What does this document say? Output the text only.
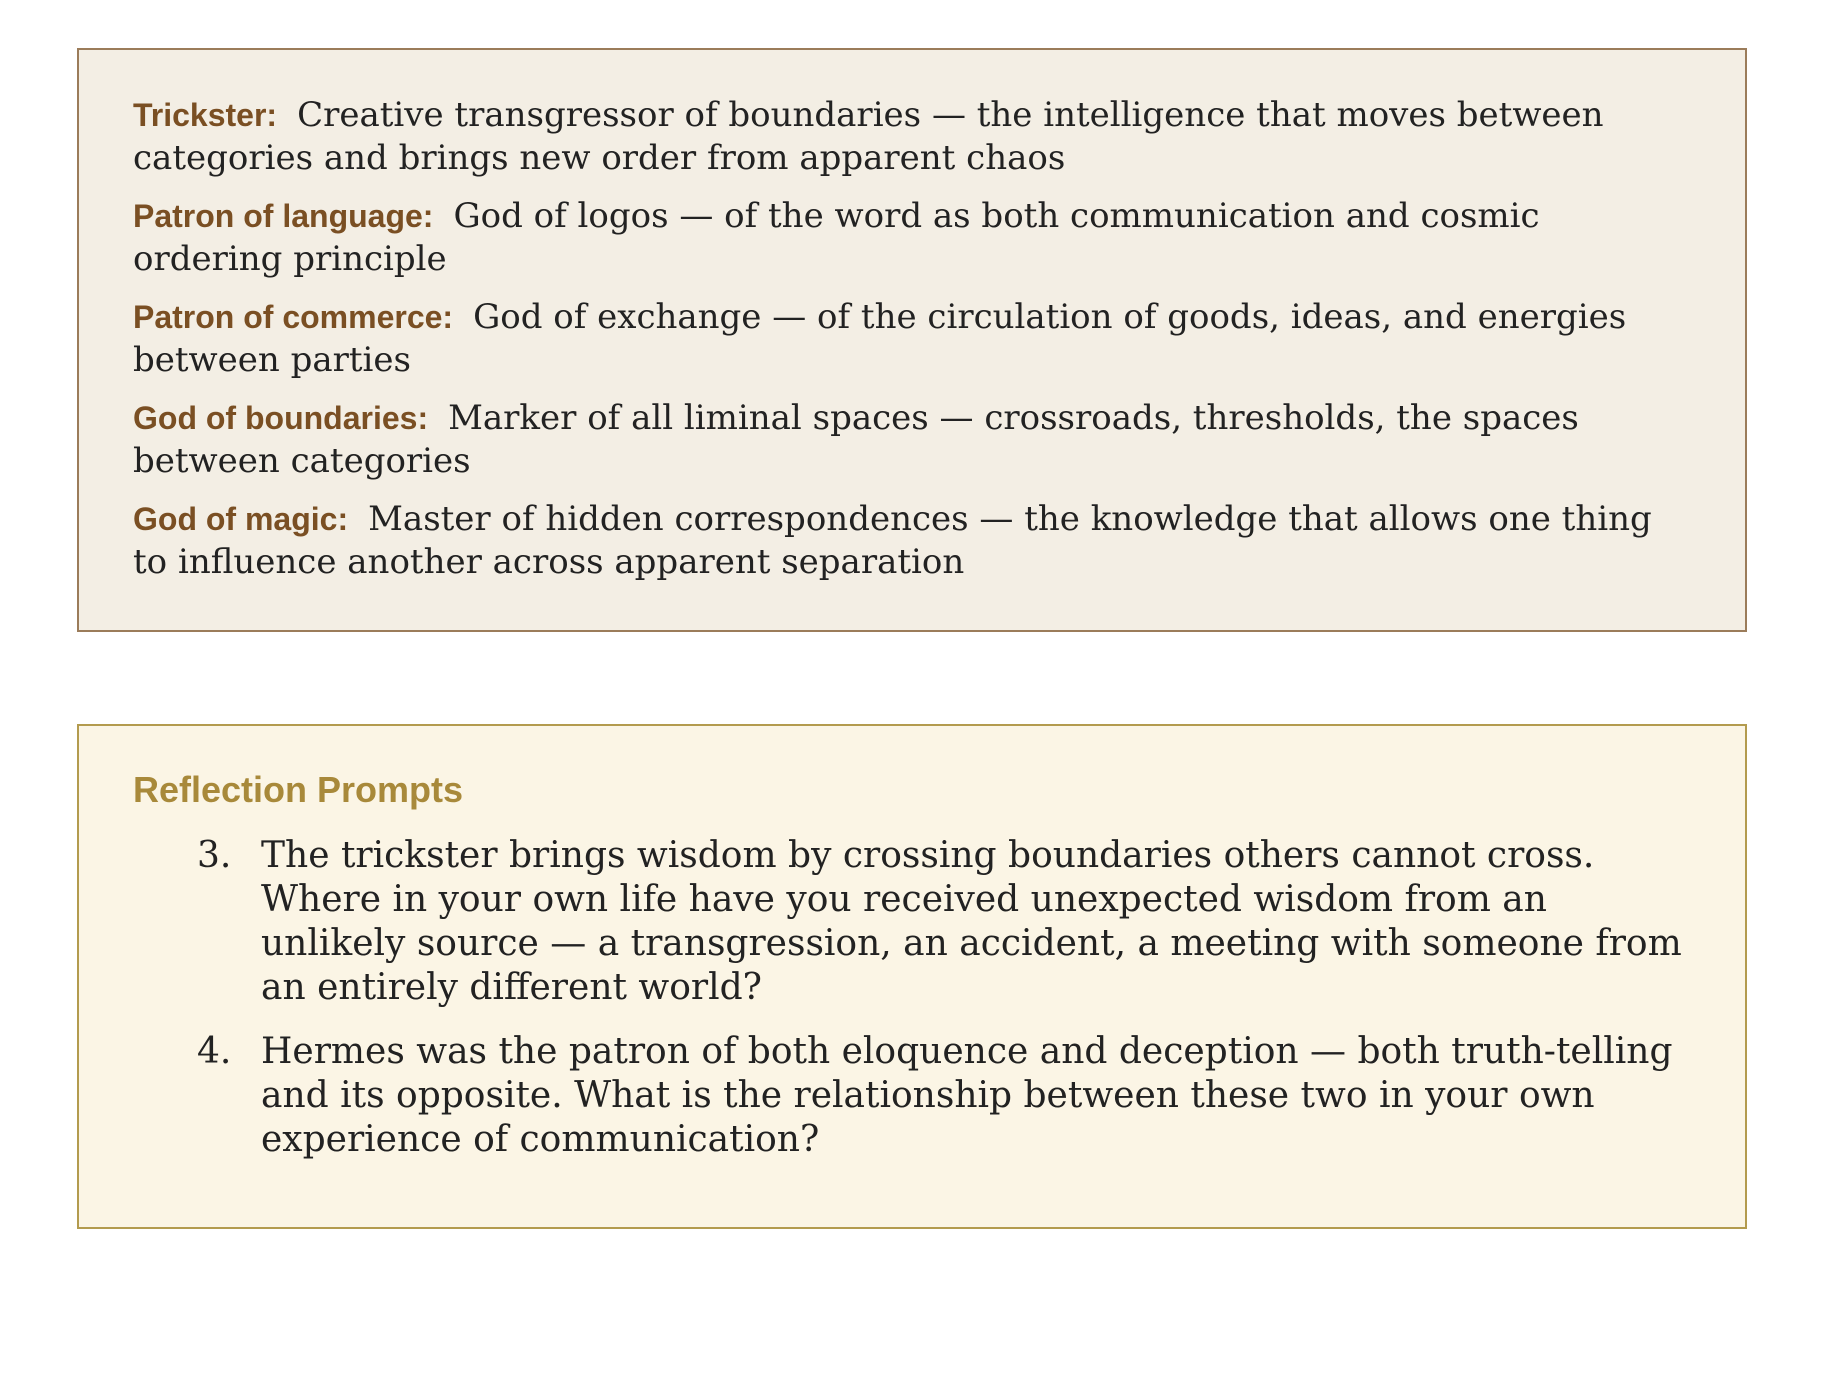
Trickster: Creative transgressor of boundaries — the intelligence that moves between categories and brings new order from apparent chaos

Patron of language: God of logos — of the word as both communication and cosmic ordering principle

Patron of commerce: God of exchange — of the circulation of goods, ideas, and energies between parties

God of boundaries: Marker of all liminal spaces — crossroads, thresholds, the spaces between categories

God of magic: Master of hidden correspondences — the knowledge that allows one thing to influence another across apparent separation

Reflection Prompts
3. The trickster brings wisdom by crossing boundaries others cannot cross. Where in your own life have you received unexpected wisdom from an unlikely source — a transgression, an accident, a meeting with someone from an entirely different world?
4. Hermes was the patron of both eloquence and deception — both truth-telling and its opposite. What is the relationship between these two in your own experience of communication?
